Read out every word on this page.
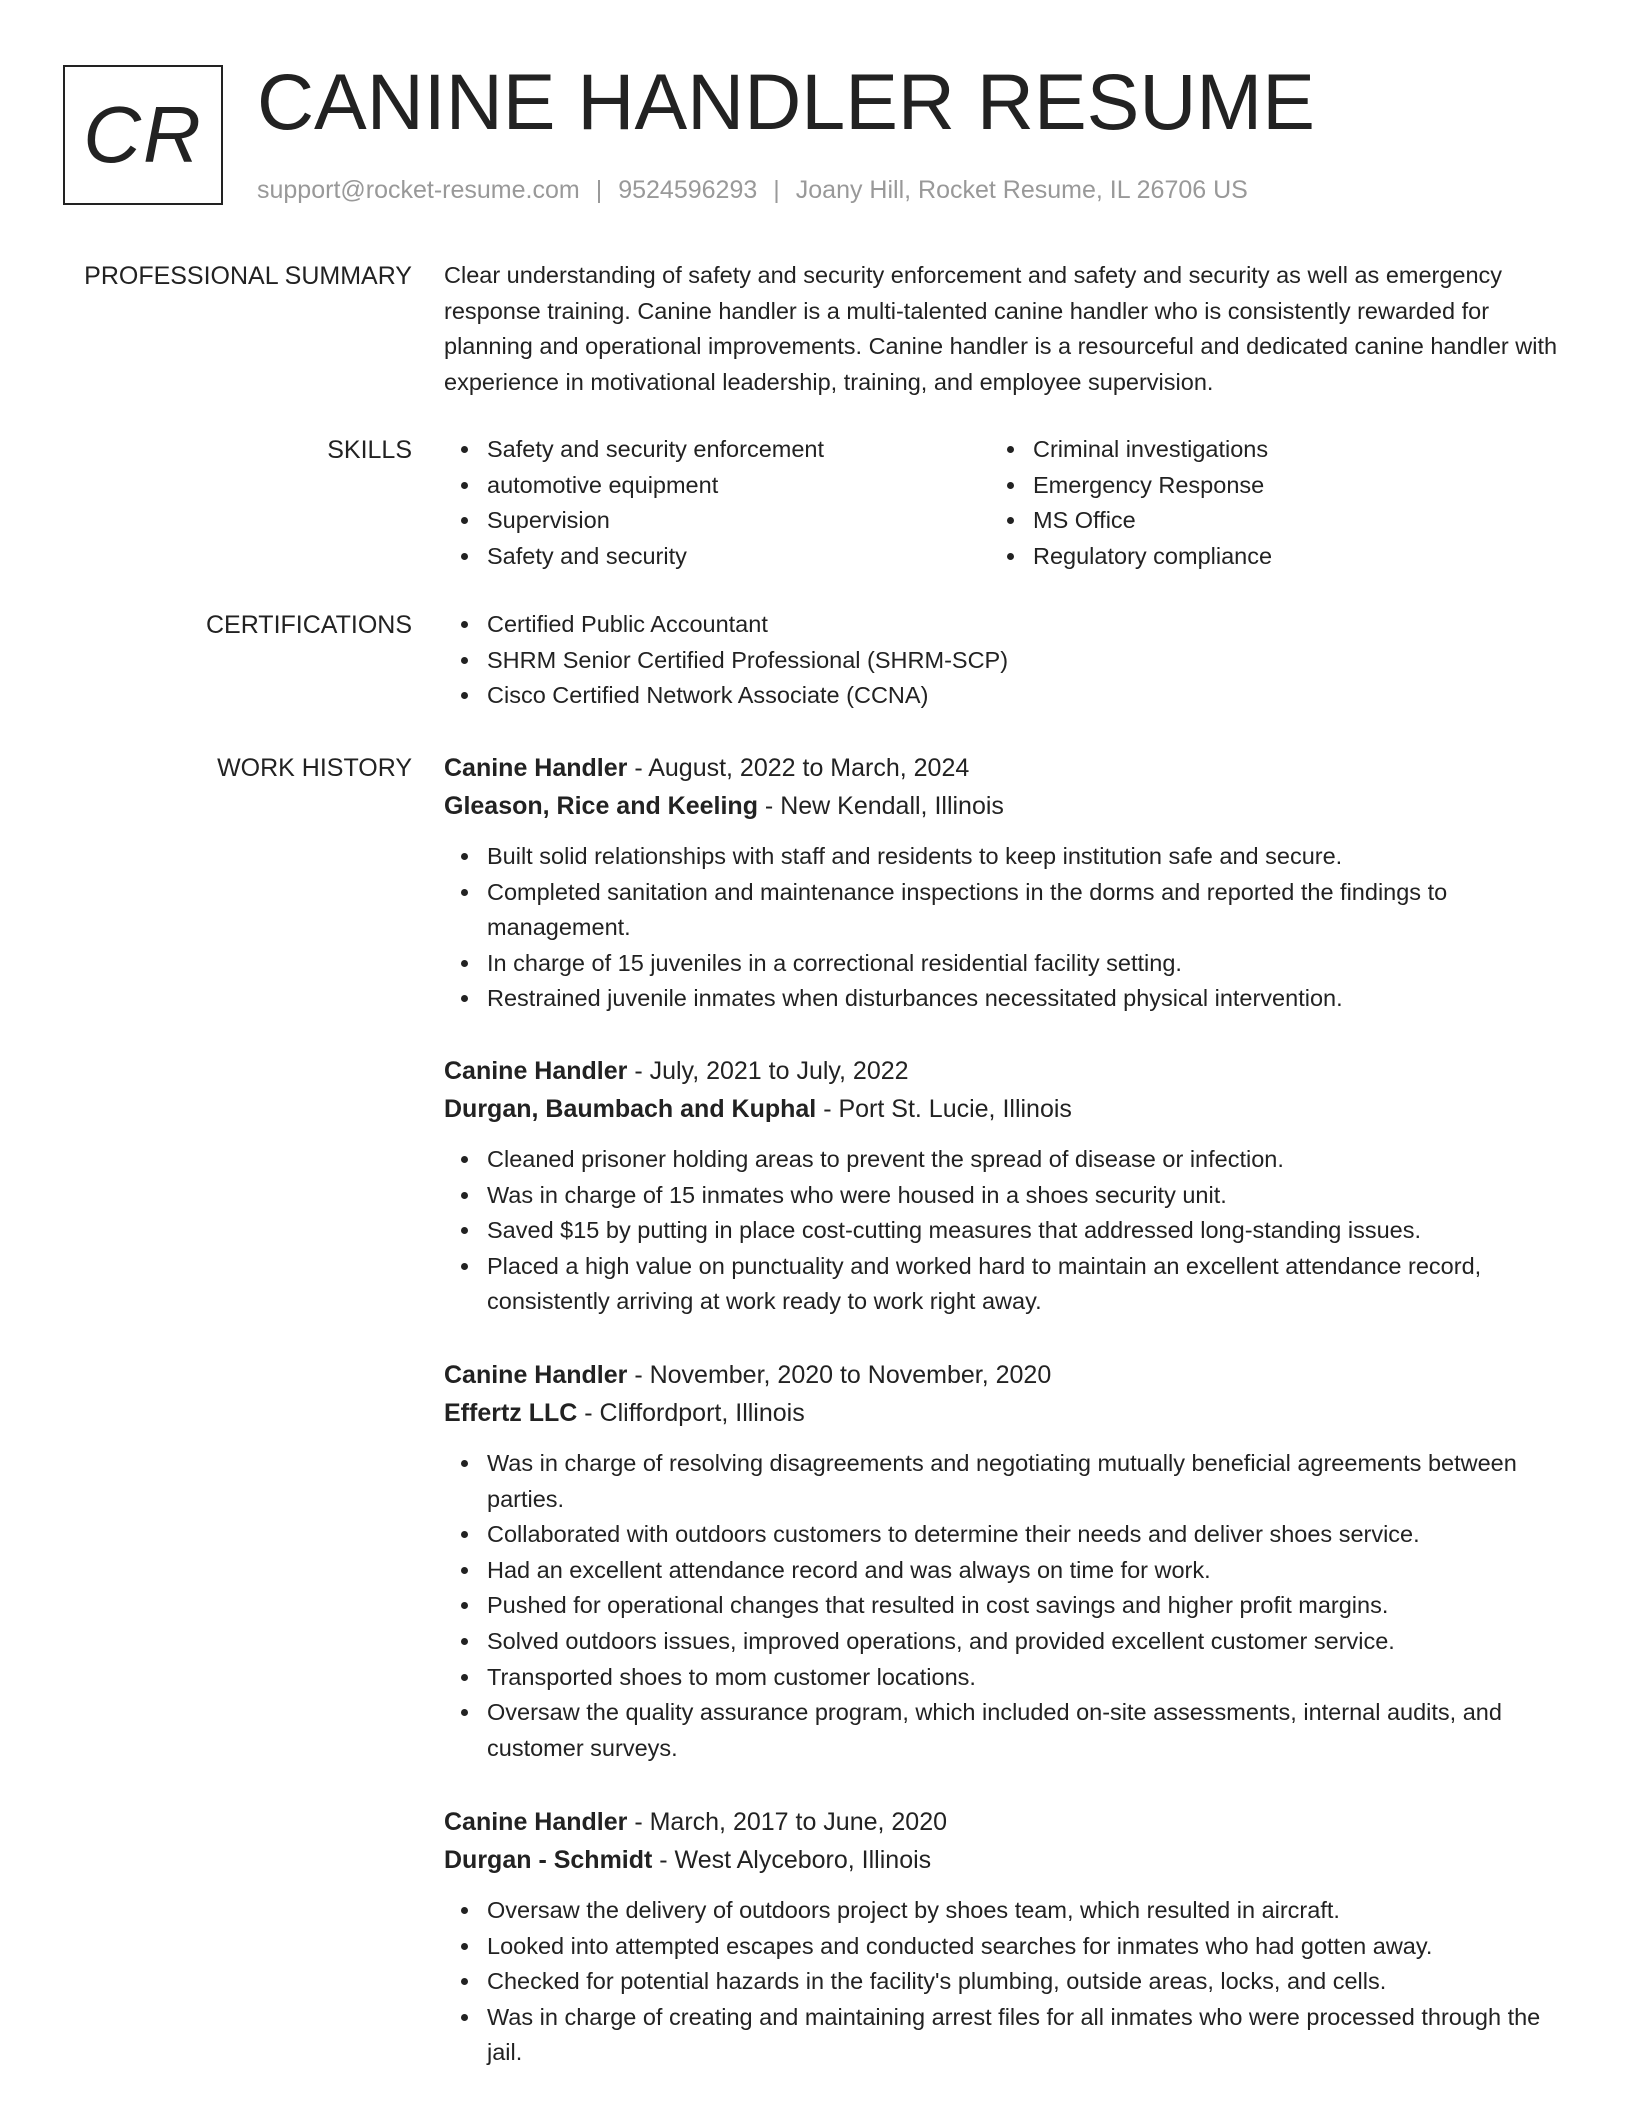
CR CANINE HANDLER RESUME
support@rocket-resume.com | 9524596293 | Joany Hill, Rocket Resume, IL 26706 US
PROFESSIONAL SUMMARY Clear understanding of safety and security enforcement and safety and security as well as emergency response training. Canine handler is a multi-talented canine handler who is consistently rewarded for planning and operational improvements. Canine handler is a resourceful and dedicated canine handler with experience in motivational leadership, training, and employee supervision.

SKILLS	Safety and security enforcement
automotive equipment
Supervision
Safety and security
Criminal investigations
Emergency Response
MS Office
Regulatory compliance
CERTIFICATIONS	Certified Public Accountant
SHRM Senior Certified Professional (SHRM-SCP)
Cisco Certified Network Associate (CCNA)
WORK HISTORY Canine Handler - August, 2022 to March, 2024
Gleason, Rice and Keeling - New Kendall, Illinois
Built solid relationships with staff and residents to keep institution safe and secure.
Completed sanitation and maintenance inspections in the dorms and reported the findings to management.
In charge of 15 juveniles in a correctional residential facility setting.
Restrained juvenile inmates when disturbances necessitated physical intervention.
Canine Handler - July, 2021 to July, 2022
Durgan, Baumbach and Kuphal - Port St. Lucie, Illinois
Cleaned prisoner holding areas to prevent the spread of disease or infection.
Was in charge of 15 inmates who were housed in a shoes security unit.
Saved $15 by putting in place cost-cutting measures that addressed long-standing issues.
Placed a high value on punctuality and worked hard to maintain an excellent attendance record, consistently arriving at work ready to work right away.
Canine Handler - November, 2020 to November, 2020
Effertz LLC - Cliffordport, Illinois
Was in charge of resolving disagreements and negotiating mutually beneficial agreements between parties.
Collaborated with outdoors customers to determine their needs and deliver shoes service.
Had an excellent attendance record and was always on time for work.
Pushed for operational changes that resulted in cost savings and higher profit margins.
Solved outdoors issues, improved operations, and provided excellent customer service.
Transported shoes to mom customer locations.
Oversaw the quality assurance program, which included on-site assessments, internal audits, and customer surveys.
Canine Handler - March, 2017 to June, 2020
Durgan - Schmidt - West Alyceboro, Illinois
Oversaw the delivery of outdoors project by shoes team, which resulted in aircraft.
Looked into attempted escapes and conducted searches for inmates who had gotten away.
Checked for potential hazards in the facility's plumbing, outside areas, locks, and cells.
Was in charge of creating and maintaining arrest files for all inmates who were processed through the jail.
